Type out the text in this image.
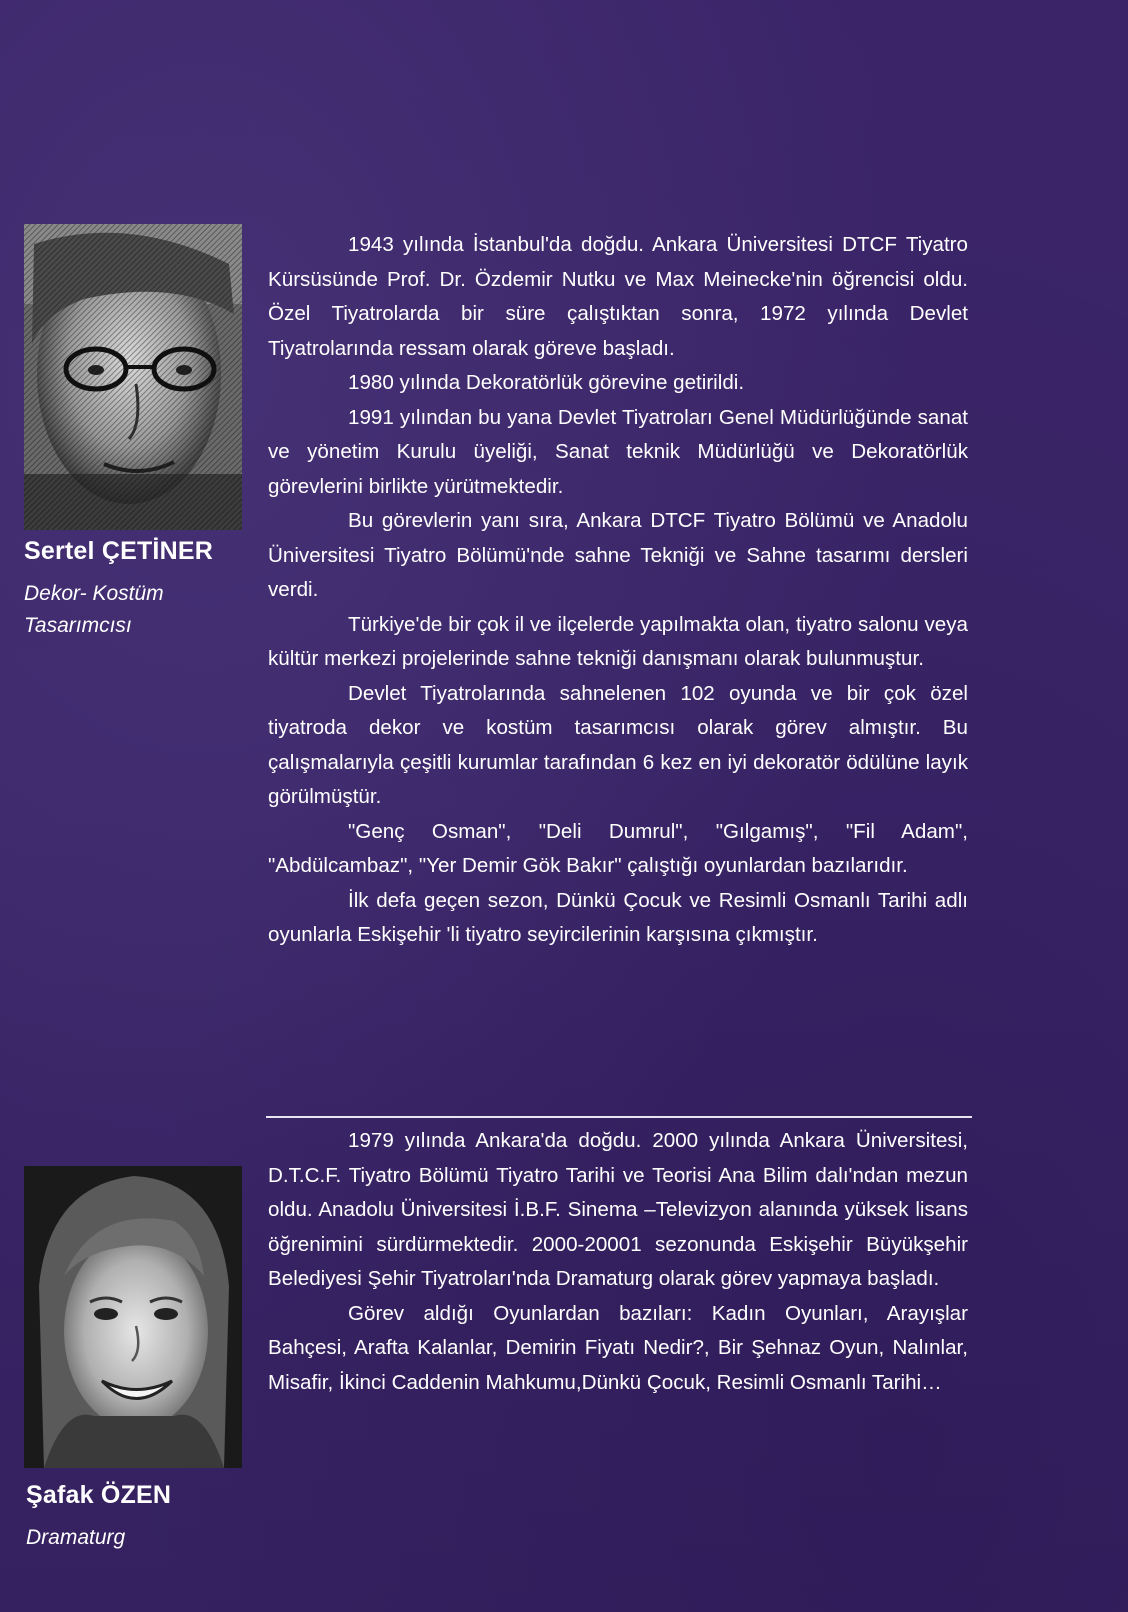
Sertel ÇETİNER

Dekor- Kostüm
Tasarımcısı

1943 yılında İstanbul'da doğdu. Ankara Üniversitesi DTCF Tiyatro Kürsüsünde Prof. Dr. Özdemir Nutku ve Max Meinecke'nin öğrencisi oldu. Özel Tiyatrolarda bir süre çalıştıktan sonra, 1972 yılında Devlet Tiyatrolarında ressam olarak göreve başladı.

1980 yılında Dekoratörlük görevine getirildi.

1991 yılından bu yana Devlet Tiyatroları Genel Müdürlüğünde sanat ve yönetim Kurulu üyeliği, Sanat teknik Müdürlüğü ve Dekoratörlük görevlerini birlikte yürütmektedir.

Bu görevlerin yanı sıra, Ankara DTCF Tiyatro Bölümü ve Anadolu Üniversitesi Tiyatro Bölümü'nde sahne Tekniği ve Sahne tasarımı dersleri verdi.

Türkiye'de bir çok il ve ilçelerde yapılmakta olan, tiyatro salonu veya kültür merkezi projelerinde sahne tekniği danışmanı olarak bulunmuştur.

Devlet Tiyatrolarında sahnelenen 102 oyunda ve bir çok özel tiyatroda dekor ve kostüm tasarımcısı olarak görev almıştır. Bu çalışmalarıyla çeşitli kurumlar tarafından 6 kez en iyi dekoratör ödülüne layık görülmüştür.

"Genç Osman", "Deli Dumrul", "Gılgamış", "Fil Adam", "Abdülcambaz", "Yer Demir Gök Bakır" çalıştığı oyunlardan bazılarıdır.

İlk defa geçen sezon, Dünkü Çocuk ve Resimli Osmanlı Tarihi adlı oyunlarla Eskişehir 'li tiyatro seyircilerinin karşısına çıkmıştır.

Şafak ÖZEN

Dramaturg

1979 yılında Ankara'da doğdu. 2000 yılında Ankara Üniversitesi, D.T.C.F. Tiyatro Bölümü Tiyatro Tarihi ve Teorisi Ana Bilim dalı'ndan mezun oldu. Anadolu Üniversitesi İ.B.F. Sinema –Televizyon alanında yüksek lisans öğrenimini sürdürmektedir. 2000-20001 sezonunda Eskişehir Büyükşehir Belediyesi Şehir Tiyatroları'nda Dramaturg olarak görev yapmaya başladı.

Görev aldığı Oyunlardan bazıları: Kadın Oyunları, Arayışlar Bahçesi, Arafta Kalanlar, Demirin Fiyatı Nedir?, Bir Şehnaz Oyun, Nalınlar, Misafir, İkinci Caddenin Mahkumu,Dünkü Çocuk, Resimli Osmanlı Tarihi…
